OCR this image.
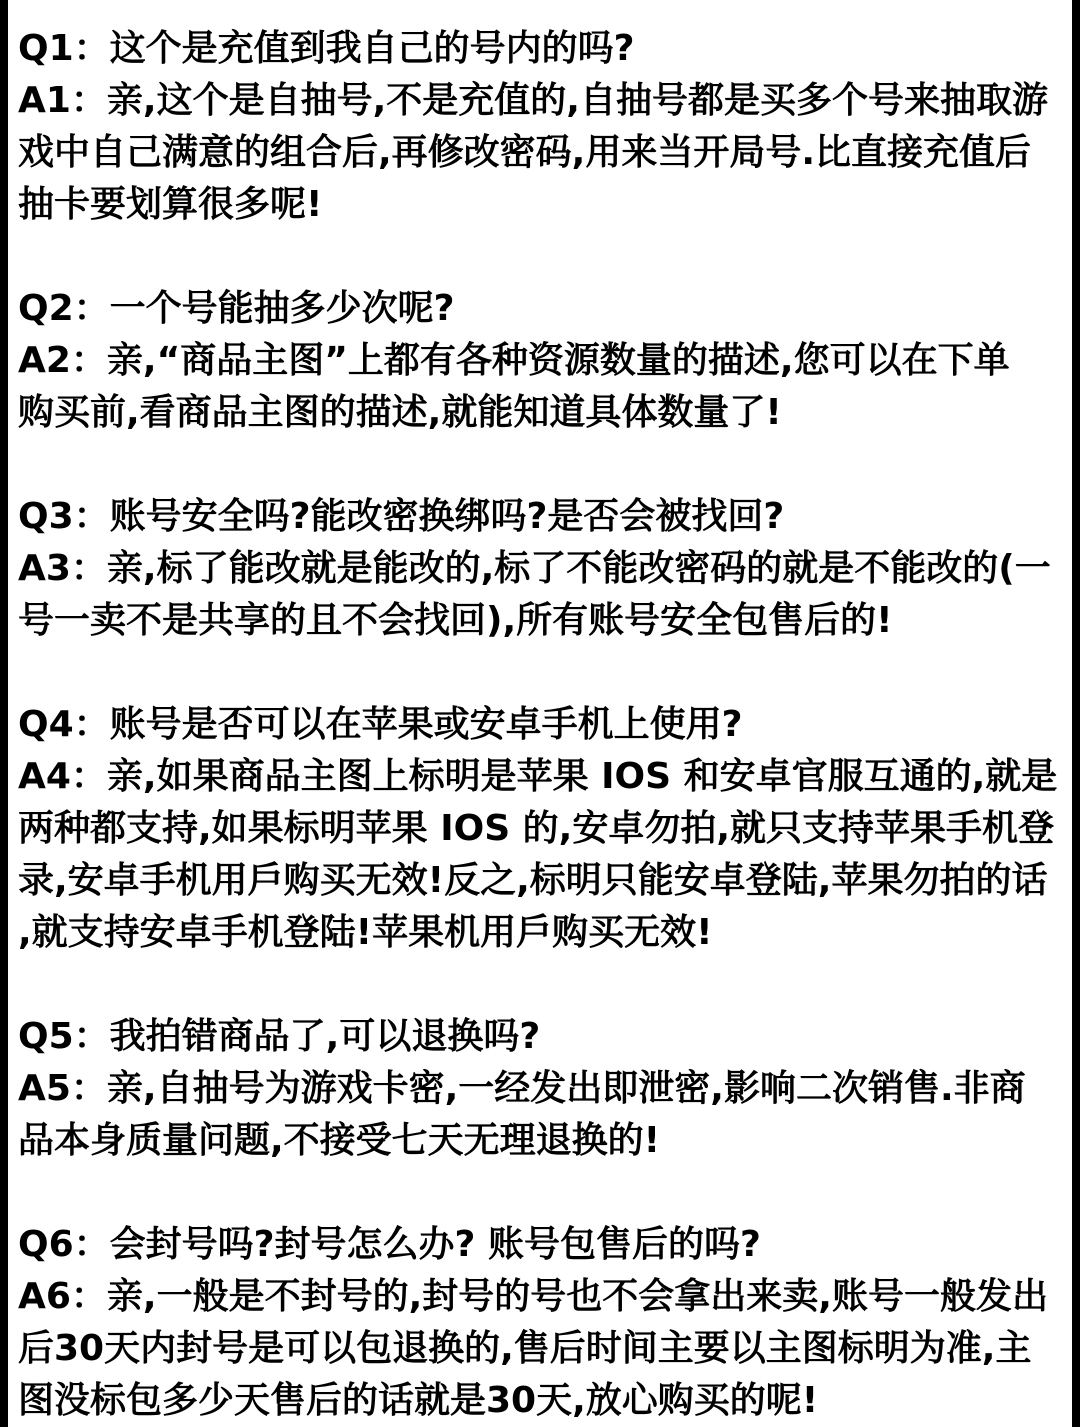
Q1：这个是充值到我自己的号内的吗?
A1：亲,这个是自抽号,不是充值的,自抽号都是买多个号来抽取游
戏中自己满意的组合后,再修改密码,用来当开局号.比直接充值后
抽卡要划算很多呢!
Q2：一个号能抽多少次呢?
A2：亲,“商品主图”上都有各种资源数量的描述,您可以在下单
购买前,看商品主图的描述,就能知道具体数量了!
Q3：账号安全吗?能改密换绑吗?是否会被找回?
A3：亲,标了能改就是能改的,标了不能改密码的就是不能改的(一
号一卖不是共享的且不会找回),所有账号安全包售后的!
Q4：账号是否可以在苹果或安卓手机上使用?
A4：亲,如果商品主图上标明是苹果 IOS 和安卓官服互通的,就是
两种都支持,如果标明苹果 IOS 的,安卓勿拍,就只支持苹果手机登
录,安卓手机用戶购买无效!反之,标明只能安卓登陆,苹果勿拍的话
,就支持安卓手机登陆!苹果机用戶购买无效!
Q5：我拍错商品了,可以退换吗?
A5：亲,自抽号为游戏卡密,一经发出即泄密,影响二次销售.非商
品本身质量问题,不接受七天无理退换的!
Q6：会封号吗?封号怎么办? 账号包售后的吗?
A6：亲,一般是不封号的,封号的号也不会拿出来卖,账号一般发出
后30天内封号是可以包退换的,售后时间主要以主图标明为准,主
图没标包多少天售后的话就是30天,放心购买的呢!
